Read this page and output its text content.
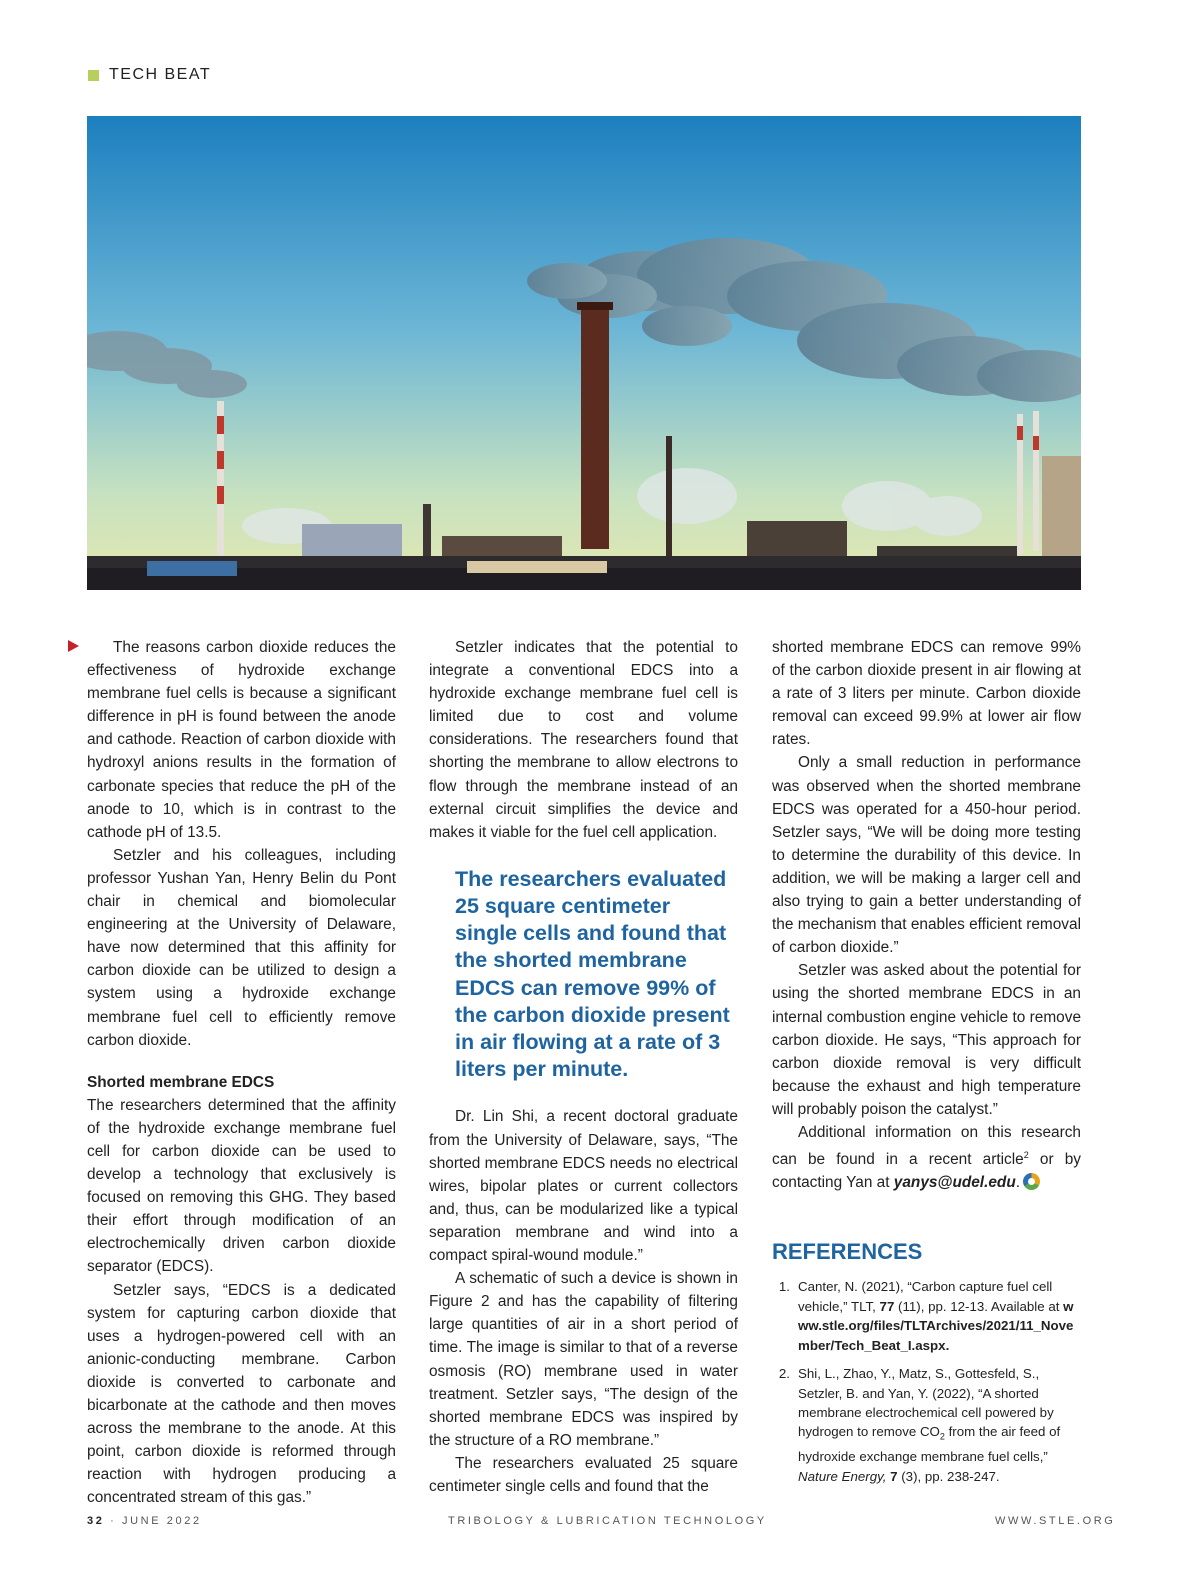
TECH BEAT

The reasons carbon dioxide reduces the effectiveness of hydroxide exchange membrane fuel cells is because a significant difference in pH is found between the anode and cathode. Reaction of carbon dioxide with hydroxyl anions results in the formation of carbonate species that reduce the pH of the anode to 10, which is in contrast to the cathode pH of 13.5.

Setzler and his colleagues, including professor Yushan Yan, Henry Belin du Pont chair in chemical and biomolecular engineering at the University of Delaware, have now determined that this affinity for carbon dioxide can be utilized to design a system using a hydroxide exchange membrane fuel cell to efficiently remove carbon dioxide.

Shorted membrane EDCS

The researchers determined that the affinity of the hydroxide exchange membrane fuel cell for carbon dioxide can be used to develop a technology that exclusively is focused on removing this GHG. They based their effort through modification of an electrochemically driven carbon dioxide separator (EDCS).

Setzler says, “EDCS is a dedicated system for capturing carbon dioxide that uses a hydrogen-powered cell with an anionic-conducting membrane. Carbon dioxide is converted to carbonate and bicarbonate at the cathode and then moves across the membrane to the anode. At this point, carbon dioxide is reformed through reaction with hydrogen producing a concentrated stream of this gas.”

Setzler indicates that the potential to integrate a conventional EDCS into a hydroxide exchange membrane fuel cell is limited due to cost and volume considerations. The researchers found that shorting the membrane to allow electrons to flow through the membrane instead of an external circuit simplifies the device and makes it viable for the fuel cell application.

The researchers evaluated 25 square centimeter single cells and found that the shorted membrane EDCS can remove 99% of the carbon dioxide present in air flowing at a rate of 3 liters per minute.

Dr. Lin Shi, a recent doctoral graduate from the University of Delaware, says, “The shorted membrane EDCS needs no electrical wires, bipolar plates or current collectors and, thus, can be modularized like a typical separation membrane and wind into a compact spiral-wound module.”

A schematic of such a device is shown in Figure 2 and has the capability of filtering large quantities of air in a short period of time. The image is similar to that of a reverse osmosis (RO) membrane used in water treatment. Setzler says, “The design of the shorted membrane EDCS was inspired by the structure of a RO membrane.”

The researchers evaluated 25 square centimeter single cells and found that the

shorted membrane EDCS can remove 99% of the carbon dioxide present in air flowing at a rate of 3 liters per minute. Carbon dioxide removal can exceed 99.9% at lower air flow rates.

Only a small reduction in performance was observed when the shorted membrane EDCS was operated for a 450-hour period. Setzler says, “We will be doing more testing to determine the durability of this device. In addition, we will be making a larger cell and also trying to gain a better understanding of the mechanism that enables efficient removal of carbon dioxide.”

Setzler was asked about the potential for using the shorted membrane EDCS in an internal combustion engine vehicle to remove carbon dioxide. He says, “This approach for carbon dioxide removal is very difficult because the exhaust and high temperature will probably poison the catalyst.”

Additional information on this research can be found in a recent article$^2$ or by contacting Yan at yanys@udel.edu.

REFERENCES
1. Canter, N. (2021), “Carbon capture fuel cell vehicle,” TLT, 77 (11), pp. 12-13. Available at www.stle.org/files/TLTArchives/2021/11_November/Tech_Beat_I.aspx.
2. Shi, L., Zhao, Y., Matz, S., Gottesfeld, S., Setzler, B. and Yan, Y. (2022), “A shorted membrane electrochemical cell powered by hydrogen to remove $CO_2$ from the air feed of hydroxide exchange membrane fuel cells,” Nature Energy, 7 (3), pp. 238-247.
32 · JUNE 2022	TRIBOLOGY & LUBRICATION TECHNOLOGY	WWW.STLE.ORG
